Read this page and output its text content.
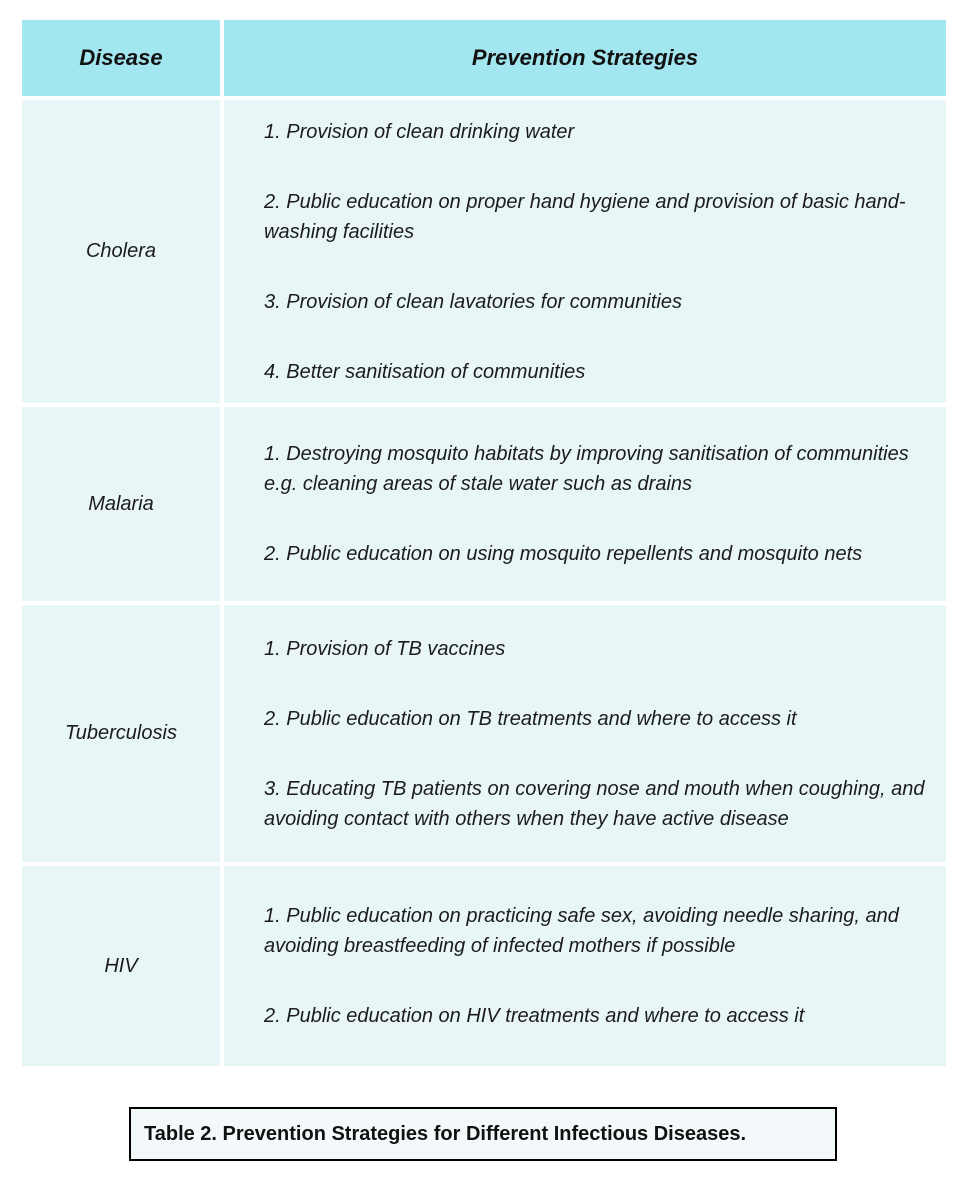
Disease	Prevention Strategies
Cholera

1. Provision of clean drinking water

2. Public education on proper hand hygiene and provision of basic hand-washing facilities

3. Provision of clean lavatories for communities

4. Better sanitisation of communities

Malaria

1. Destroying mosquito habitats by improving sanitisation of communities e.g. cleaning areas of stale water such as drains

2. Public education on using mosquito repellents and mosquito nets

Tuberculosis

1. Provision of TB vaccines

2. Public education on TB treatments and where to access it

3. Educating TB patients on covering nose and mouth when coughing, and avoiding contact with others when they have active disease

HIV

1. Public education on practicing safe sex, avoiding needle sharing, and avoiding breastfeeding of infected mothers if possible

2. Public education on HIV treatments and where to access it

Table 2. Prevention Strategies for Different Infectious Diseases.
